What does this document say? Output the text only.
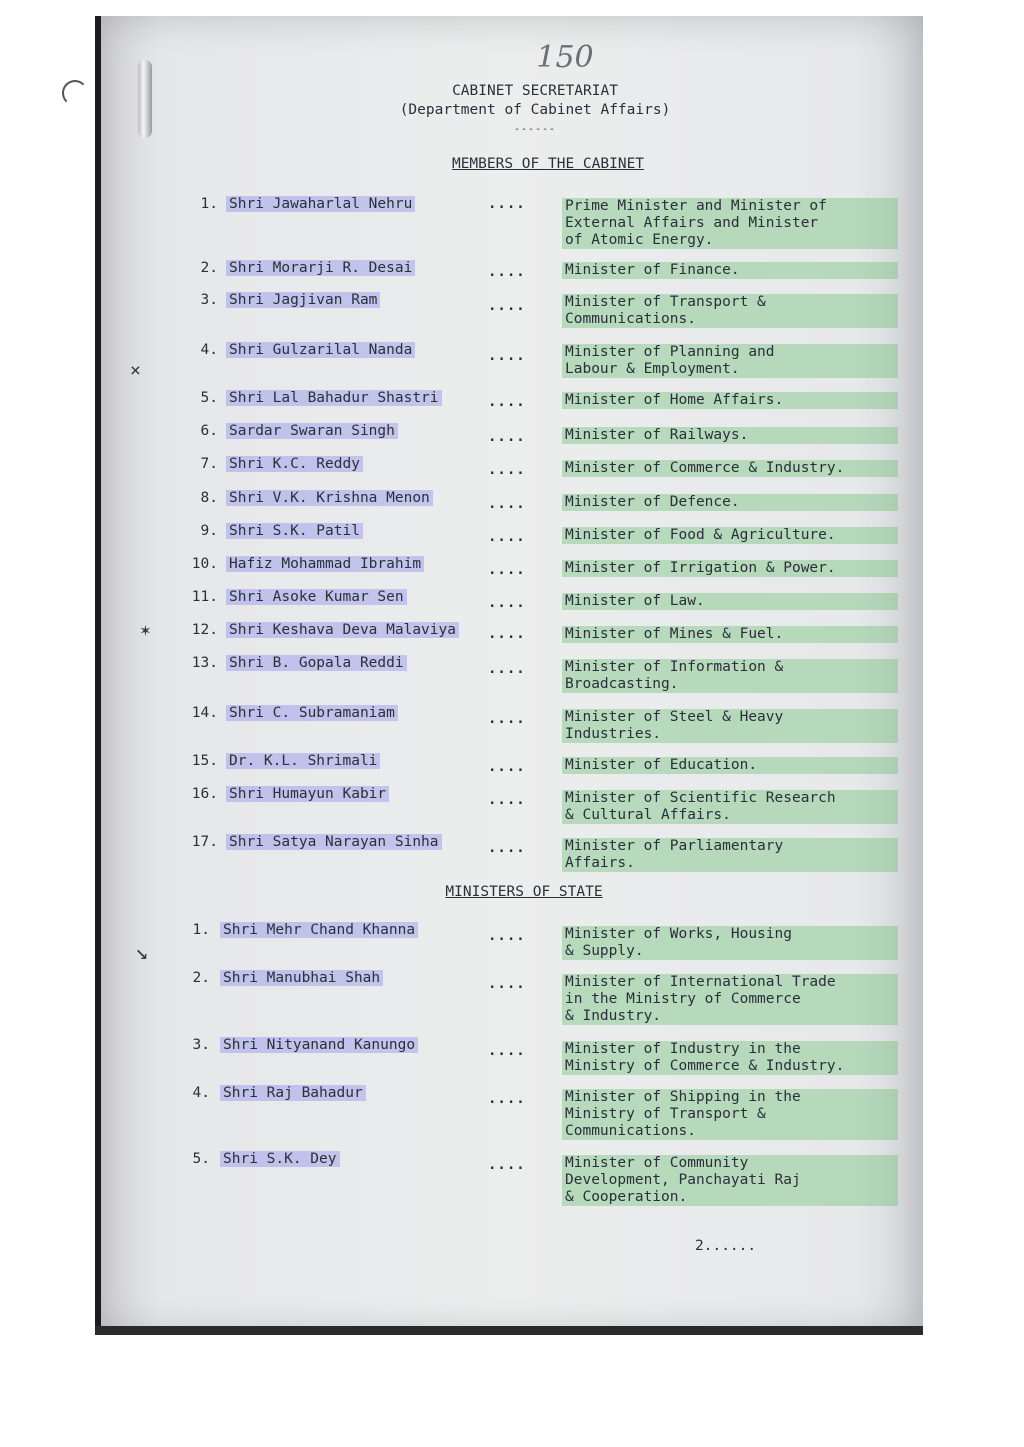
150
CABINET SECRETARIAT
(Department of Cabinet Affairs)
------
MEMBERS OF THE CABINET
1. Shri Jawaharlal Nehru	....	Prime Minister and Minister of
External Affairs and Minister
of Atomic Energy.
2. Shri Morarji R. Desai	....	Minister of Finance.
3. Shri Jagjivan Ram	....	Minister of Transport &
Communications.
4. Shri Gulzarilal Nanda	....	Minister of Planning and
Labour & Employment.
5. Shri Lal Bahadur Shastri	....	Minister of Home Affairs.
6. Sardar Swaran Singh	....	Minister of Railways.
7. Shri K.C. Reddy	....	Minister of Commerce & Industry.
8. Shri V.K. Krishna Menon	....	Minister of Defence.
9. Shri S.K. Patil	....	Minister of Food & Agriculture.
10. Hafiz Mohammad Ibrahim	....	Minister of Irrigation & Power.
11. Shri Asoke Kumar Sen	....	Minister of Law.
12. Shri Keshava Deva Malaviya ....	Minister of Mines & Fuel.
13. Shri B. Gopala Reddi	....	Minister of Information &
Broadcasting.
14. Shri C. Subramaniam	....	Minister of Steel & Heavy
Industries.
15. Dr. K.L. Shrimali	....	Minister of Education.
16. Shri Humayun Kabir	....	Minister of Scientific Research
& Cultural Affairs.
17. Shri Satya Narayan Sinha	....	Minister of Parliamentary
Affairs.
MINISTERS OF STATE
1. Shri Mehr Chand Khanna	....	Minister of Works, Housing
& Supply.
2. Shri Manubhai Shah	....	Minister of International Trade
in the Ministry of Commerce
& Industry.
3. Shri Nityanand Kanungo	....	Minister of Industry in the
Ministry of Commerce & Industry.
4. Shri Raj Bahadur	....	Minister of Shipping in the
Ministry of Transport &
Communications.
5. Shri S.K. Dey	....	Minister of Community
Development, Panchayati Raj
& Cooperation.
2......
⨯
✶
↘
